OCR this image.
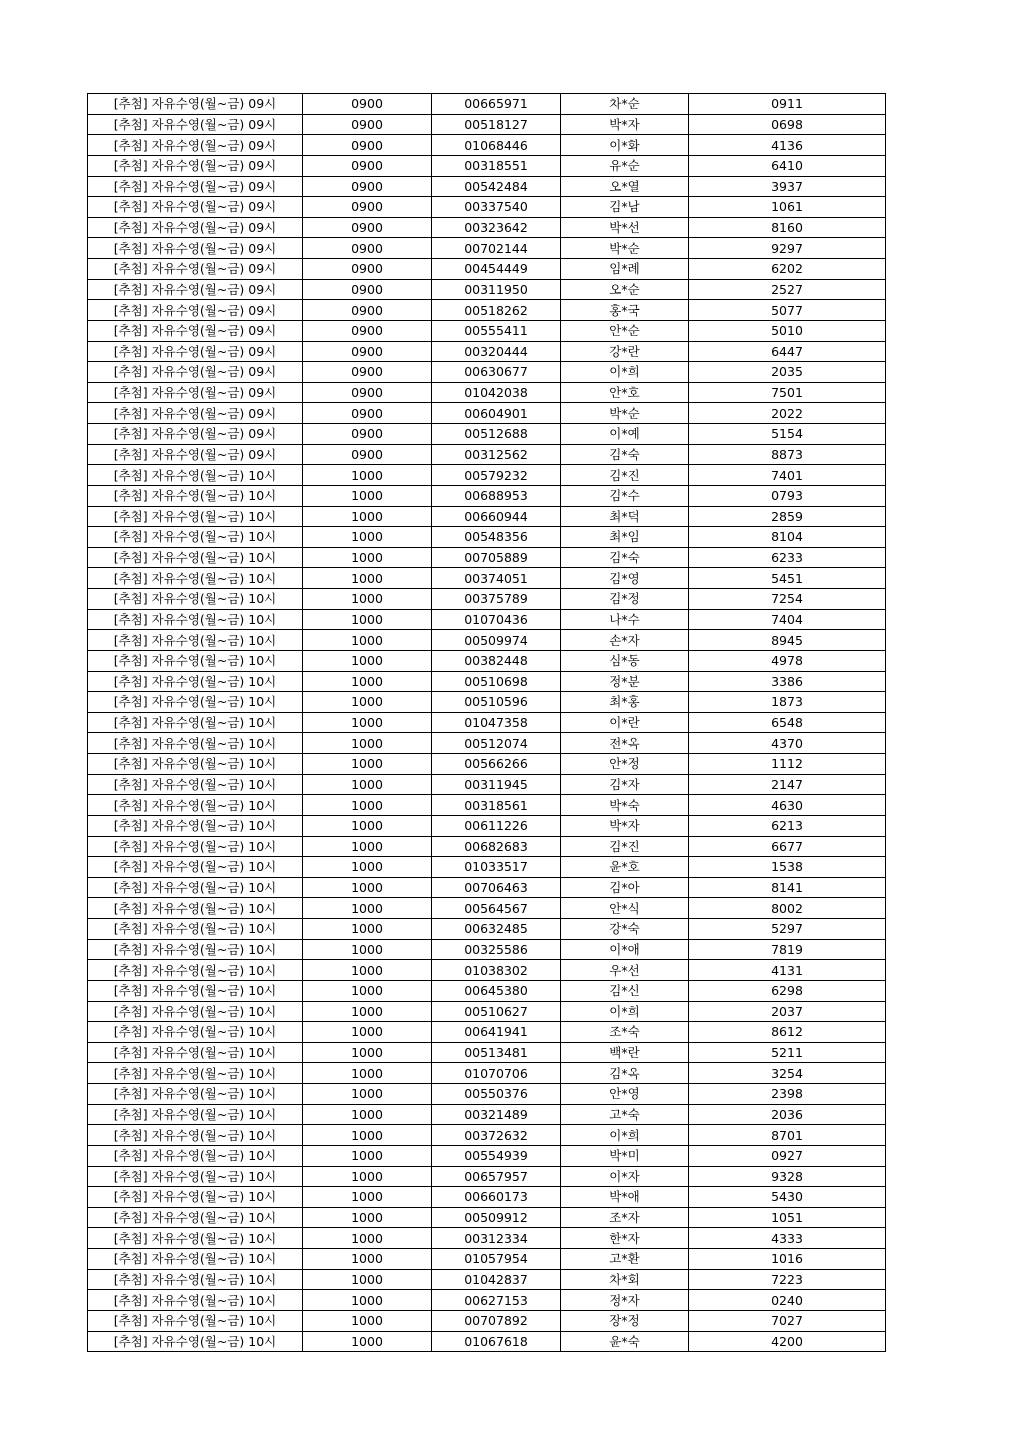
[추첨] 자유수영(월~금) 09시	0900	00665971	차*순	0911
[추첨] 자유수영(월~금) 09시	0900	00518127	박*자	0698
[추첨] 자유수영(월~금) 09시	0900	01068446	이*화	4136
[추첨] 자유수영(월~금) 09시	0900	00318551	유*순	6410
[추첨] 자유수영(월~금) 09시	0900	00542484	오*열	3937
[추첨] 자유수영(월~금) 09시	0900	00337540	김*남	1061
[추첨] 자유수영(월~금) 09시	0900	00323642	박*선	8160
[추첨] 자유수영(월~금) 09시	0900	00702144	박*순	9297
[추첨] 자유수영(월~금) 09시	0900	00454449	임*례	6202
[추첨] 자유수영(월~금) 09시	0900	00311950	오*순	2527
[추첨] 자유수영(월~금) 09시	0900	00518262	홍*국	5077
[추첨] 자유수영(월~금) 09시	0900	00555411	안*순	5010
[추첨] 자유수영(월~금) 09시	0900	00320444	강*란	6447
[추첨] 자유수영(월~금) 09시	0900	00630677	이*희	2035
[추첨] 자유수영(월~금) 09시	0900	01042038	안*호	7501
[추첨] 자유수영(월~금) 09시	0900	00604901	박*순	2022
[추첨] 자유수영(월~금) 09시	0900	00512688	이*예	5154
[추첨] 자유수영(월~금) 09시	0900	00312562	김*숙	8873
[추첨] 자유수영(월~금) 10시	1000	00579232	김*진	7401
[추첨] 자유수영(월~금) 10시	1000	00688953	김*수	0793
[추첨] 자유수영(월~금) 10시	1000	00660944	최*덕	2859
[추첨] 자유수영(월~금) 10시	1000	00548356	최*임	8104
[추첨] 자유수영(월~금) 10시	1000	00705889	김*숙	6233
[추첨] 자유수영(월~금) 10시	1000	00374051	김*영	5451
[추첨] 자유수영(월~금) 10시	1000	00375789	김*정	7254
[추첨] 자유수영(월~금) 10시	1000	01070436	나*수	7404
[추첨] 자유수영(월~금) 10시	1000	00509974	손*자	8945
[추첨] 자유수영(월~금) 10시	1000	00382448	심*동	4978
[추첨] 자유수영(월~금) 10시	1000	00510698	정*분	3386
[추첨] 자유수영(월~금) 10시	1000	00510596	최*홍	1873
[추첨] 자유수영(월~금) 10시	1000	01047358	이*란	6548
[추첨] 자유수영(월~금) 10시	1000	00512074	전*옥	4370
[추첨] 자유수영(월~금) 10시	1000	00566266	안*정	1112
[추첨] 자유수영(월~금) 10시	1000	00311945	김*자	2147
[추첨] 자유수영(월~금) 10시	1000	00318561	박*숙	4630
[추첨] 자유수영(월~금) 10시	1000	00611226	박*자	6213
[추첨] 자유수영(월~금) 10시	1000	00682683	김*진	6677
[추첨] 자유수영(월~금) 10시	1000	01033517	윤*호	1538
[추첨] 자유수영(월~금) 10시	1000	00706463	김*아	8141
[추첨] 자유수영(월~금) 10시	1000	00564567	안*식	8002
[추첨] 자유수영(월~금) 10시	1000	00632485	강*숙	5297
[추첨] 자유수영(월~금) 10시	1000	00325586	이*애	7819
[추첨] 자유수영(월~금) 10시	1000	01038302	우*선	4131
[추첨] 자유수영(월~금) 10시	1000	00645380	김*신	6298
[추첨] 자유수영(월~금) 10시	1000	00510627	이*희	2037
[추첨] 자유수영(월~금) 10시	1000	00641941	조*숙	8612
[추첨] 자유수영(월~금) 10시	1000	00513481	백*란	5211
[추첨] 자유수영(월~금) 10시	1000	01070706	김*옥	3254
[추첨] 자유수영(월~금) 10시	1000	00550376	안*영	2398
[추첨] 자유수영(월~금) 10시	1000	00321489	고*숙	2036
[추첨] 자유수영(월~금) 10시	1000	00372632	이*희	8701
[추첨] 자유수영(월~금) 10시	1000	00554939	박*미	0927
[추첨] 자유수영(월~금) 10시	1000	00657957	이*자	9328
[추첨] 자유수영(월~금) 10시	1000	00660173	박*애	5430
[추첨] 자유수영(월~금) 10시	1000	00509912	조*자	1051
[추첨] 자유수영(월~금) 10시	1000	00312334	한*자	4333
[추첨] 자유수영(월~금) 10시	1000	01057954	고*환	1016
[추첨] 자유수영(월~금) 10시	1000	01042837	차*회	7223
[추첨] 자유수영(월~금) 10시	1000	00627153	정*자	0240
[추첨] 자유수영(월~금) 10시	1000	00707892	장*정	7027
[추첨] 자유수영(월~금) 10시	1000	01067618	윤*숙	4200
